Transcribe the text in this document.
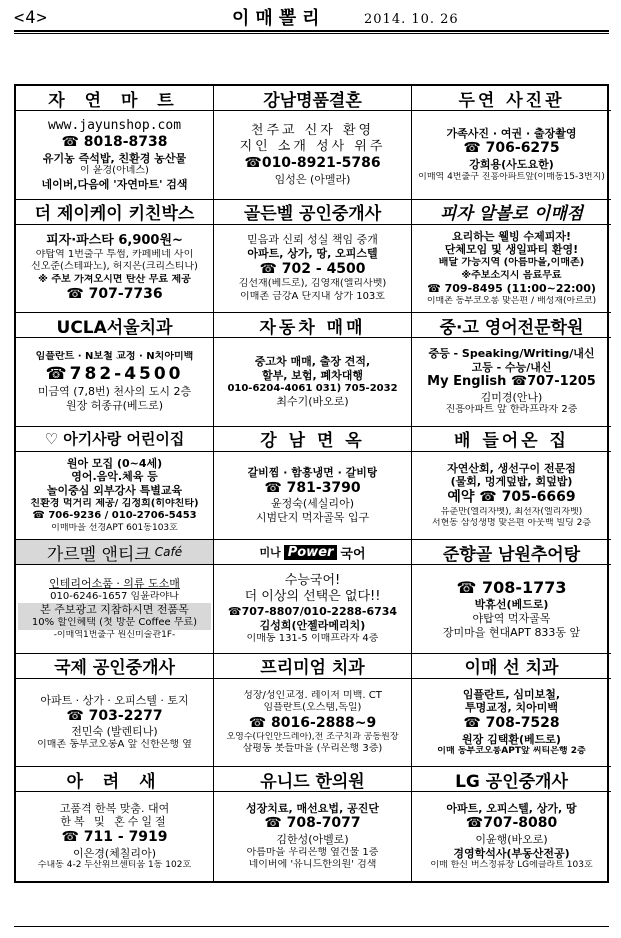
<4>	이매뽈리	2014. 10. 26
자 연 마 트
www.jayunshop.com
☎ 8018-8738
유기농 즉석밥, 친환경 농산물
이 윤경(아녜스)
네이버,다음에 '자연마트' 검색
강남명품결혼
천주교 신자 환영
지인 소개 성사 위주
☎010-8921-5786
임성은 (아멜라)
두연 사진관
가족사진 · 여권 · 출장촬영
☎ 706-6275
강희용(사도요한)
이매역 4번출구 진흥아파트앞(이매동15-3번지)
더 제이케이 키친박스
피자·파스타 6,900원~
야탑역 1번출구 투썸, 카페베네 사이
신오준(스테파노), 허지은(크리스티나)
※ 주보 가져오시면 탄산 무료 제공
☎ 707-7736
골든벨 공인중개사
믿음과 신뢰 성실 책임 중개
아파트, 상가, 땅, 오피스텔
☎ 702 - 4500
김선재(베드로), 김영재(엘리사벳)
이매촌 금강A 단지내 상가 103호
피자 알볼로 이매점
요리하는 웰빙 수제피자!
단체모임 및 생일파티 환영!
배달 가능지역 (아름마을,이매촌)
※주보소지시 음료무료
☎ 709-8495 (11:00~22:00)
이매촌 동부코오롱 맞은편 / 배성재(아르코)
UCLA서울치과
임플란트 · N보철 교정 · N치아미백
☎782-4500
미금역 (7,8번) 천사의 도시 2층
원장 허종규(베드로)
자동차 매매
중고차 매매, 출장 견적,
할부, 보험, 폐차대행
010-6204-4061 031) 705-2032
최수기(바오로)
중·고 영어전문학원
중등 - Speaking/Writing/내신
고등 - 수능/내신
My English ☎707-1205
김미경(안나)
진흥아파트 앞 한라프라자 2층
♡ 아기사랑 어린이집
원아 모집 (0~4세)
영어.음악.체육 등
놀이중심 외부강사 특별교육
친환경 먹거리 제공/ 김정희(히야친타)
☎ 706-9236 / 010-2706-5453
이매마을 선경APT 601동103호
강 남 면 옥
갈비찜 · 함흥냉면 · 갈비탕
☎ 781-3790
윤정숙(세실리아)
시범단지 먹자골목 입구
배 들어온 집
자연산회, 생선구이 전문점
(물회, 멍게덮밥, 회덮밥)
예약 ☎ 705-6669
유춘만(엘리자벳), 최선자(엘리자벳)
서현동 삼성생명 맞은편 아웃백 빌딩 2층
가르멜 앤티크 Café
인테리어소품 · 의류 도소매
010-6246-1657 임윤라야나
본 주보광고 지참하시면 전품목
10% 할인혜택 (첫 방문 Coffee 무료)
-이매역1번출구 원신미술관1F-
미나 Power 국어
수능국어!
더 이상의 선택은 없다!!
☎707-8807/010-2288-6734
김성희(안젤라메리치)
이매동 131-5 이매프라자 4층
준향골 남원추어탕
☎ 708-1773
박휴선(베드로)
야탑역 먹자골목
장미마을 현대APT 833동 앞
국제 공인중개사
아파트 · 상가 · 오피스텔 · 토지
☎ 703-2277
전민숙 (발렌티나)
이매촌 동부코오롱A 앞 신한은행 옆
프리미엄 치과
성장/성인교정. 레이저 미백. CT
임플란트(오스템,독일)
☎ 8016-2888~9
오영수(다인안드레아),전 조구치과 공동원장
삼평동 봇들마을 (우리은행 3층)
이매 선 치과
임플란트, 심미보철,
투명교정, 치아미백
☎ 708-7528
원장 김택환(베드로)
이매 동부코오롱APT앞 씨티은행 2층
아 려 새
고품격 한복 맞춤. 대여
한복 및 혼수일절
☎ 711 - 7919
이은경(체칠리아)
수내동 4-2 두산위브센티움 1동 102호
유니드 한의원
성장치료, 매선요법, 공진단
☎ 708-7077
김한성(아벨로)
아름마을 우리은행 옆건물 1층
네이버에 '유니드한의원' 검색
LG 공인중개사
아파트, 오피스텔, 상가, 땅
☎707-8080
이윤행(바오로)
경영학석사(부동산전공)
이매 한신 버스정류장 LG에클라트 103호
